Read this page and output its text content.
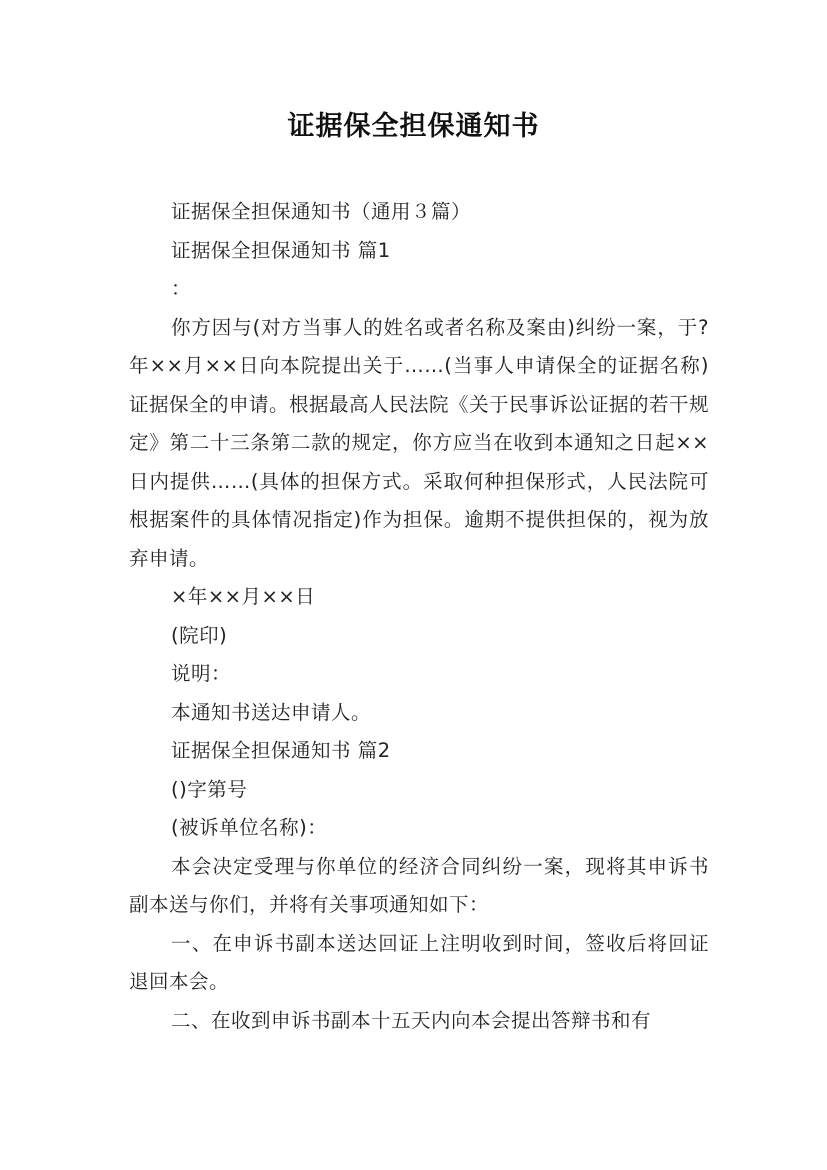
证据保全担保通知书

证据保全担保通知书（通用３篇）

证据保全担保通知书 篇1

：

你方因与(对方当事人的姓名或者名称及案由)纠纷一案，于?年××月××日向本院提出关于……(当事人申请保全的证据名称)证据保全的申请。根据最高人民法院《关于民事诉讼证据的若干规定》第二十三条第二款的规定，你方应当在收到本通知之日起××日内提供……(具体的担保方式。采取何种担保形式，人民法院可根据案件的具体情况指定)作为担保。逾期不提供担保的，视为放弃申请。

×年××月××日

(院印)

说明：

本通知书送达申请人。

证据保全担保通知书 篇2

()字第号

(被诉单位名称)：

本会决定受理与你单位的经济合同纠纷一案，现将其申诉书副本送与你们，并将有关事项通知如下：

一、在申诉书副本送达回证上注明收到时间，签收后将回证退回本会。

二、在收到申诉书副本十五天内向本会提出答辩书和有
